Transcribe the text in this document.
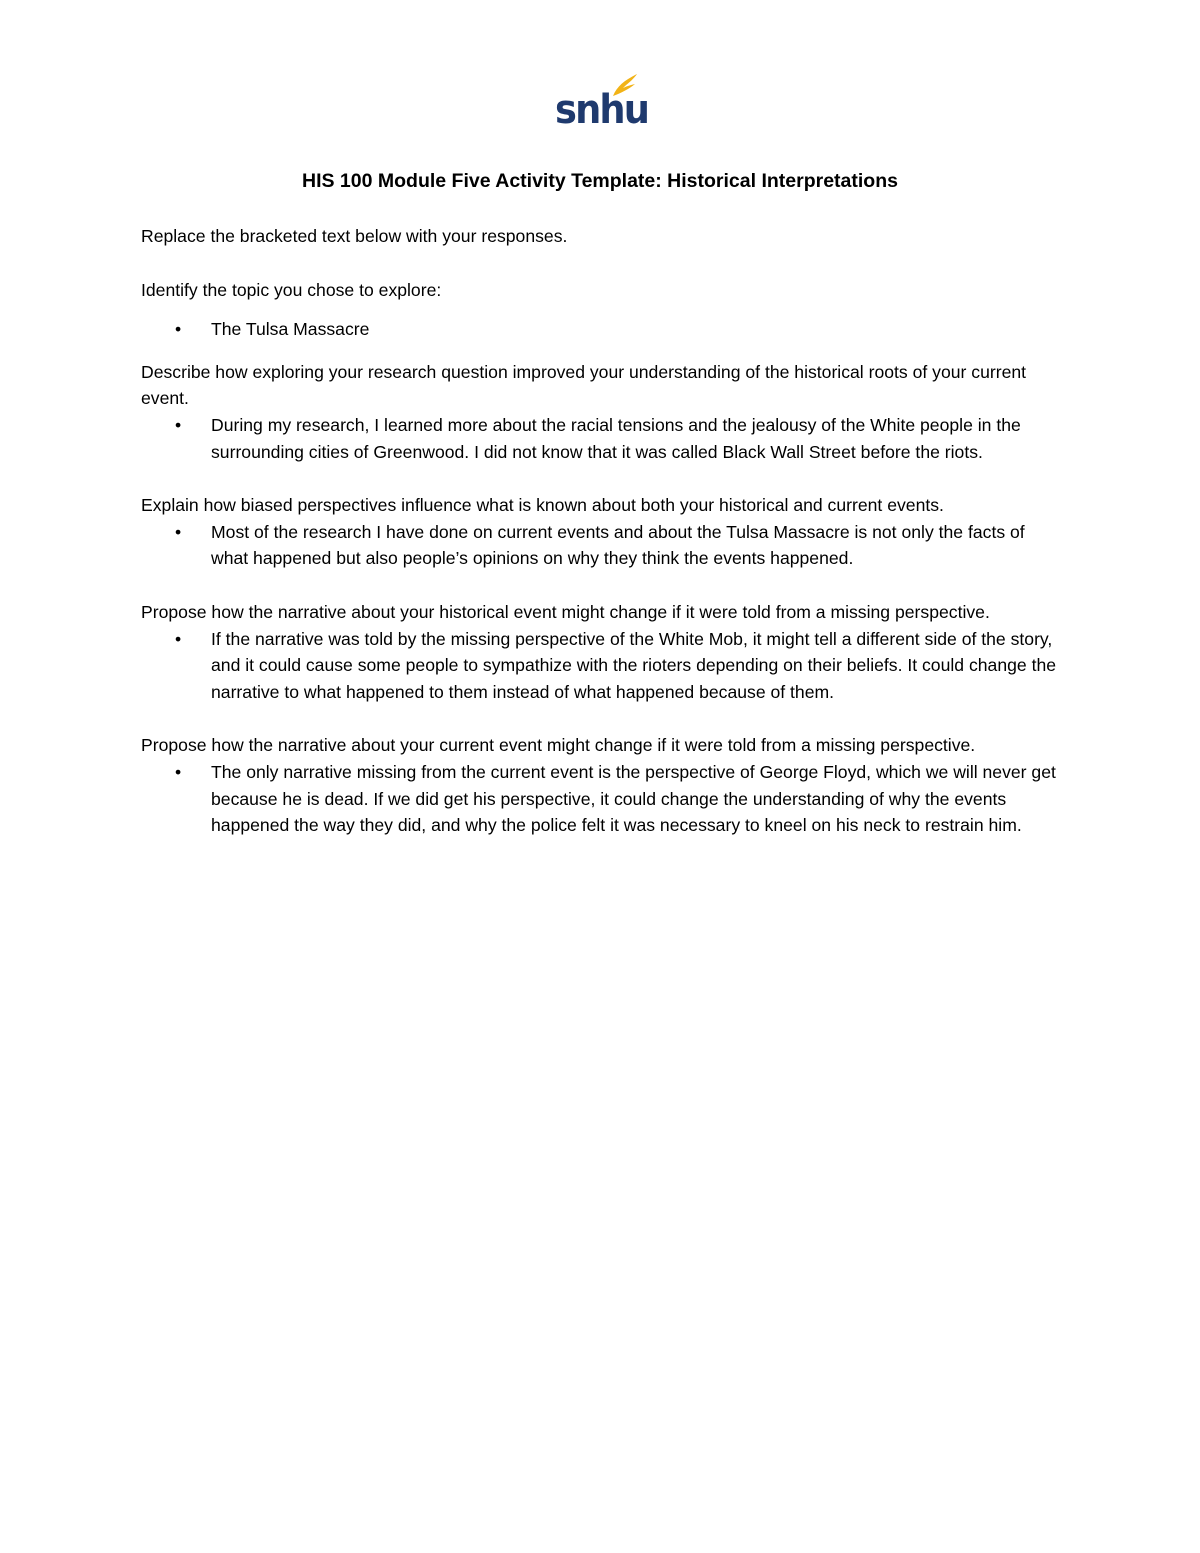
snhu
HIS 100 Module Five Activity Template: Historical Interpretations

Replace the bracketed text below with your responses.

Identify the topic you chose to explore:

• The Tulsa Massacre

Describe how exploring your research question improved your understanding of the historical roots of your current event.

• During my research, I learned more about the racial tensions and the jealousy of the White people in the surrounding cities of Greenwood. I did not know that it was called Black Wall Street before the riots.

Explain how biased perspectives influence what is known about both your historical and current events.

• Most of the research I have done on current events and about the Tulsa Massacre is not only the facts of what happened but also people’s opinions on why they think the events happened.

Propose how the narrative about your historical event might change if it were told from a missing perspective.

• If the narrative was told by the missing perspective of the White Mob, it might tell a different side of the story, and it could cause some people to sympathize with the rioters depending on their beliefs. It could change the narrative to what happened to them instead of what happened because of them.

Propose how the narrative about your current event might change if it were told from a missing perspective.

• The only narrative missing from the current event is the perspective of George Floyd, which we will never get because he is dead. If we did get his perspective, it could change the understanding of why the events happened the way they did, and why the police felt it was necessary to kneel on his neck to restrain him.
